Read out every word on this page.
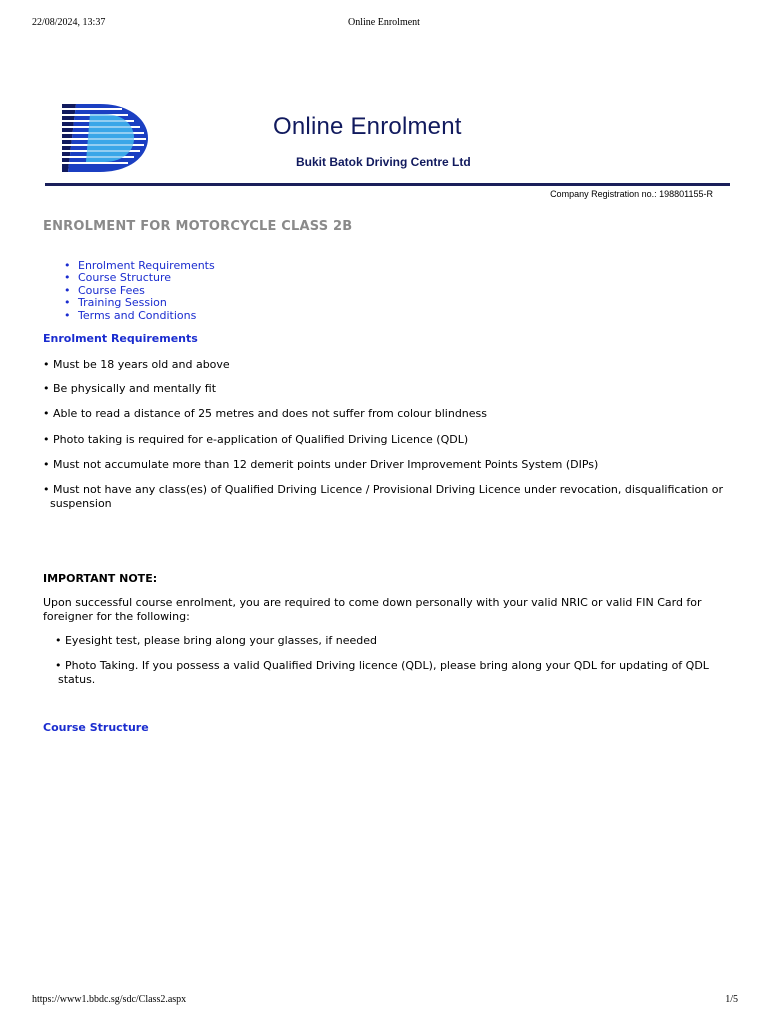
22/08/2024, 13:37	Online Enrolment
Online Enrolment
Bukit Batok Driving Centre Ltd
Company Registration no.: 198801155-R
ENROLMENT FOR MOTORCYCLE CLASS 2B
• Enrolment Requirements
• Course Structure
• Course Fees
• Training Session
• Terms and Conditions
Enrolment Requirements
• Must be 18 years old and above
• Be physically and mentally fit
• Able to read a distance of 25 metres and does not suffer from colour blindness
• Photo taking is required for e-application of Qualified Driving Licence (QDL)
• Must not accumulate more than 12 demerit points under Driver Improvement Points System (DIPs)
• Must not have any class(es) of Qualified Driving Licence / Provisional Driving Licence under revocation, disqualification or
suspension
IMPORTANT NOTE:
Upon successful course enrolment, you are required to come down personally with your valid NRIC or valid FIN Card for
foreigner for the following:
• Eyesight test, please bring along your glasses, if needed
• Photo Taking. If you possess a valid Qualified Driving licence (QDL), please bring along your QDL for updating of QDL
status.
Course Structure
https://www1.bbdc.sg/sdc/Class2.aspx	1/5
